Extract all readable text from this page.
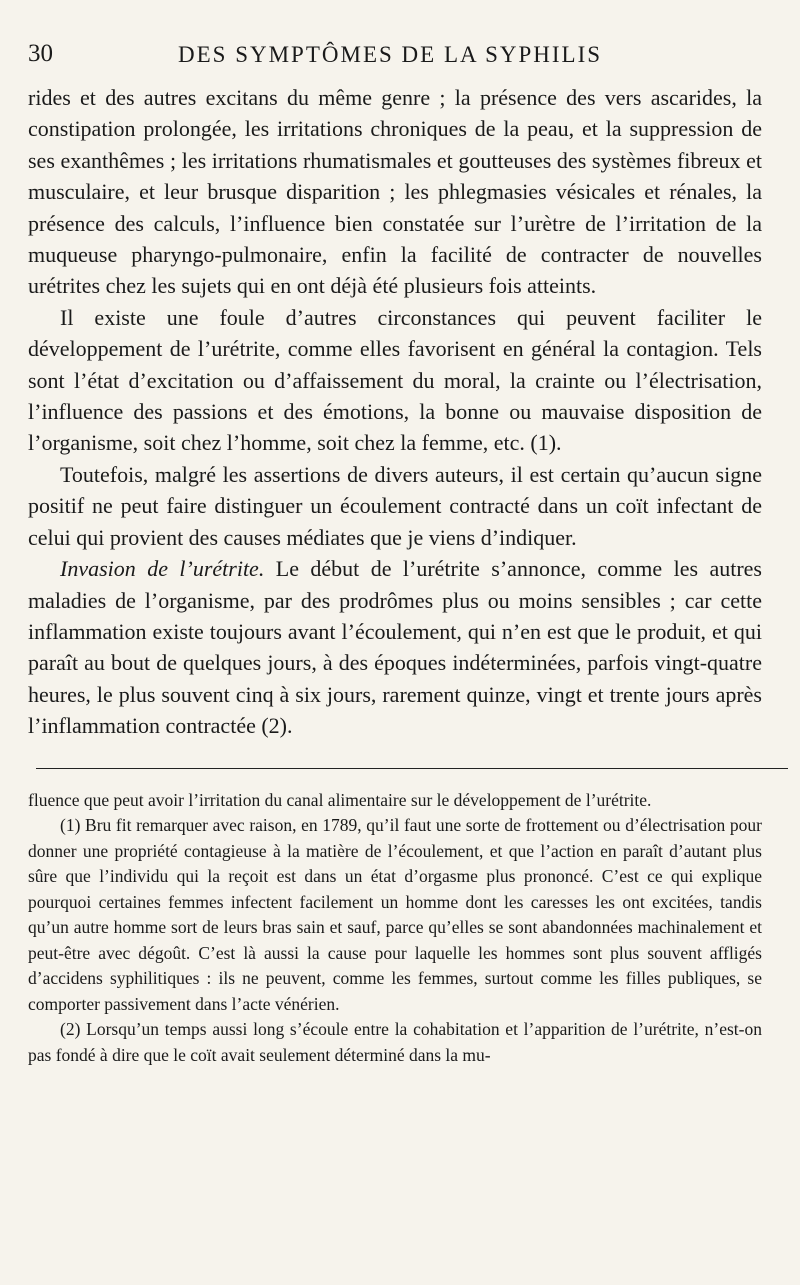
30	DES SYMPTÔMES DE LA SYPHILIS

rides et des autres excitans du même genre ; la présence des vers ascarides, la constipation prolongée, les irritations chroniques de la peau, et la suppression de ses exanthêmes ; les irritations rhumatismales et goutteuses des systèmes fibreux et musculaire, et leur brusque disparition ; les phlegmasies vésicales et rénales, la présence des calculs, l’influence bien constatée sur l’urètre de l’irritation de la muqueuse pharyngo-pulmonaire, enfin la facilité de contracter de nouvelles urétrites chez les sujets qui en ont déjà été plusieurs fois atteints.

Il existe une foule d’autres circonstances qui peuvent faciliter le développement de l’urétrite, comme elles favorisent en général la contagion. Tels sont l’état d’excitation ou d’affaissement du moral, la crainte ou l’électrisation, l’influence des passions et des émotions, la bonne ou mauvaise disposition de l’organisme, soit chez l’homme, soit chez la femme, etc. (1).

Toutefois, malgré les assertions de divers auteurs, il est certain qu’aucun signe positif ne peut faire distinguer un écoulement contracté dans un coït infectant de celui qui provient des causes médiates que je viens d’indiquer.

Invasion de l’urétrite. Le début de l’urétrite s’annonce, comme les autres maladies de l’organisme, par des prodrômes plus ou moins sensibles ; car cette inflammation existe toujours avant l’écoulement, qui n’en est que le produit, et qui paraît au bout de quelques jours, à des époques indéterminées, parfois vingt-quatre heures, le plus souvent cinq à six jours, rarement quinze, vingt et trente jours après l’inflammation contractée (2).

fluence que peut avoir l’irritation du canal alimentaire sur le développement de l’urétrite.

(1) Bru fit remarquer avec raison, en 1789, qu’il faut une sorte de frottement ou d’électrisation pour donner une propriété contagieuse à la matière de l’écoulement, et que l’action en paraît d’autant plus sûre que l’individu qui la reçoit est dans un état d’orgasme plus prononcé. C’est ce qui explique pourquoi certaines femmes infectent facilement un homme dont les caresses les ont excitées, tandis qu’un autre homme sort de leurs bras sain et sauf, parce qu’elles se sont abandonnées machinalement et peut-être avec dégoût. C’est là aussi la cause pour laquelle les hommes sont plus souvent affligés d’accidens syphilitiques : ils ne peuvent, comme les femmes, surtout comme les filles publiques, se comporter passivement dans l’acte vénérien.

(2) Lorsqu’un temps aussi long s’écoule entre la cohabitation et l’apparition de l’urétrite, n’est-on pas fondé à dire que le coït avait seulement déterminé dans la mu-
